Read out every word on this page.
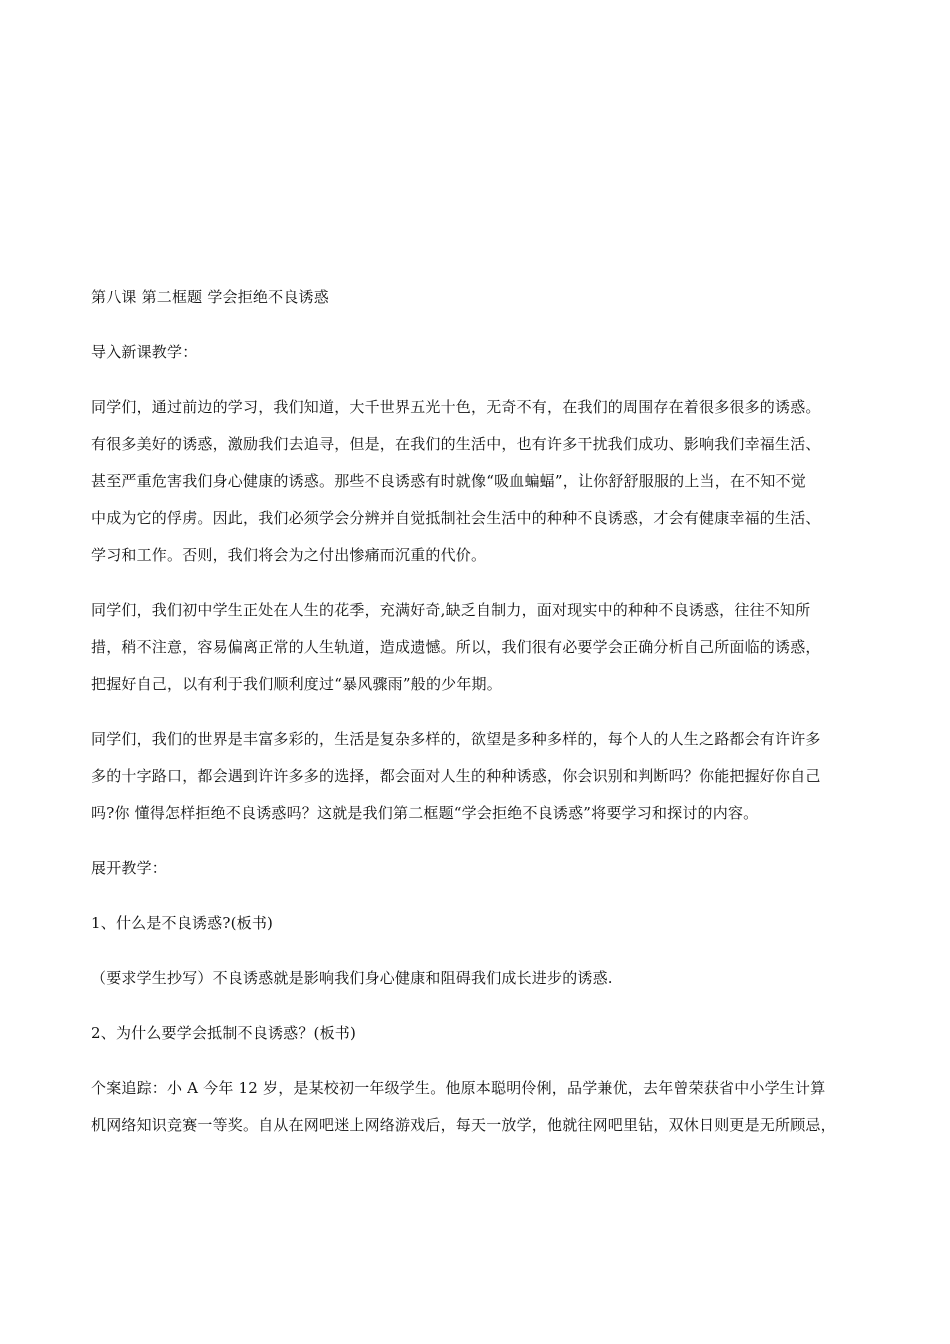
第八课 第二框题 学会拒绝不良诱惑

导入新课教学：

同学们，通过前边的学习，我们知道，大千世界五光十色，无奇不有，在我们的周围存在着很多很多的诱惑。

有很多美好的诱惑，激励我们去追寻，但是，在我们的生活中，也有许多干扰我们成功、影响我们幸福生活、

甚至严重危害我们身心健康的诱惑。那些不良诱惑有时就像“吸血蝙蝠”，让你舒舒服服的上当，在不知不觉

中成为它的俘虏。因此，我们必须学会分辨并自觉抵制社会生活中的种种不良诱惑，才会有健康幸福的生活、

学习和工作。否则，我们将会为之付出惨痛而沉重的代价。

同学们，我们初中学生正处在人生的花季，充满好奇,缺乏自制力，面对现实中的种种不良诱惑，往往不知所

措，稍不注意，容易偏离正常的人生轨道，造成遗憾。所以，我们很有必要学会正确分析自己所面临的诱惑，

把握好自己，以有利于我们顺利度过“暴风骤雨”般的少年期。

同学们，我们的世界是丰富多彩的，生活是复杂多样的，欲望是多种多样的，每个人的人生之路都会有许许多

多的十字路口，都会遇到许许多多的选择，都会面对人生的种种诱惑，你会识别和判断吗？你能把握好你自己

吗?你 懂得怎样拒绝不良诱惑吗？这就是我们第二框题“学会拒绝不良诱惑”将要学习和探讨的内容。

展开教学：

1、什么是不良诱惑?(板书)

（要求学生抄写）不良诱惑就是影响我们身心健康和阻碍我们成长进步的诱惑.

2、为什么要学会抵制不良诱惑？(板书)

个案追踪：小 A 今年 12 岁，是某校初一年级学生。他原本聪明伶俐，品学兼优，去年曾荣获省中小学生计算

机网络知识竞赛一等奖。自从在网吧迷上网络游戏后，每天一放学，他就往网吧里钻，双休日则更是无所顾忌，
